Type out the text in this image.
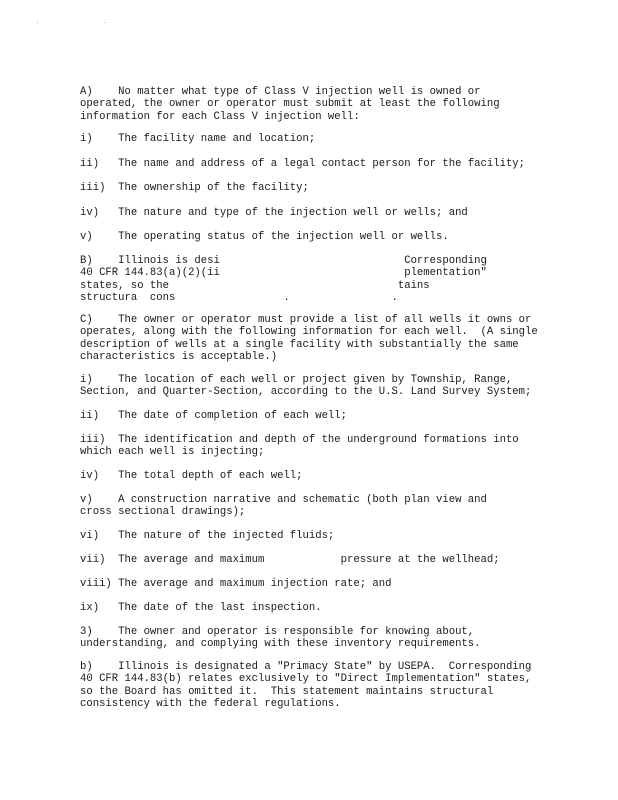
. .
A)    No matter what type of Class V injection well is owned or
operated, the owner or operator must submit at least the following
information for each Class V injection well:
i)    The facility name and location;
ii)   The name and address of a legal contact person for the facility;
iii)  The ownership of the facility;
iv)   The nature and type of the injection well or wells; and
v)    The operating status of the injection well or wells.
B)    Illinois is desi                             Corresponding
40 CFR 144.83(a)(2)(ii                             plementation"
states, so the                                    tains
structura  cons                 .                .
C)    The owner or operator must provide a list of all wells it owns or
operates, along with the following information for each well.  (A single
description of wells at a single facility with substantially the same
characteristics is acceptable.)
i)    The location of each well or project given by Township, Range,
Section, and Quarter-Section, according to the U.S. Land Survey System;
ii)   The date of completion of each well;
iii)  The identification and depth of the underground formations into
which each well is injecting;
iv)   The total depth of each well;
v)    A construction narrative and schematic (both plan view and
cross sectional drawings);
vi)   The nature of the injected fluids;
vii)  The average and maximum            pressure at the wellhead;
viii) The average and maximum injection rate; and
ix)   The date of the last inspection.
3)    The owner and operator is responsible for knowing about,
understanding, and complying with these inventory requirements.
b)    Illinois is designated a "Primacy State" by USEPA.  Corresponding
40 CFR 144.83(b) relates exclusively to "Direct Implementation" states,
so the Board has omitted it.  This statement maintains structural
consistency with the federal regulations.
